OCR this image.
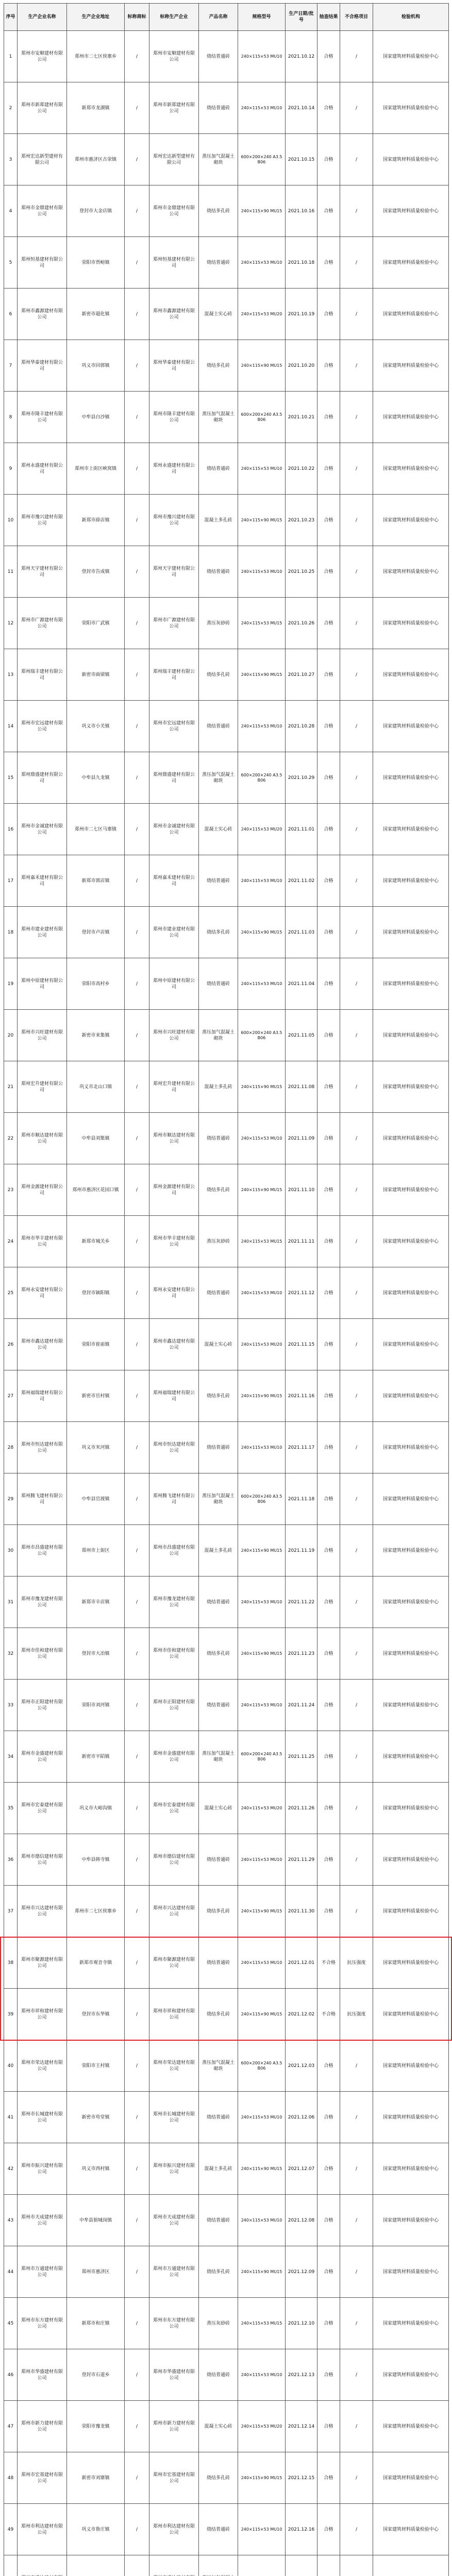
序号	生产企业名称	生产企业地址	标称商标	标称生产企业	产品名称	规格型号	生产日期/批号	抽查结果	不合格项目	检验机构
1	郑州市安顺建材有限公司	郑州市二七区侯寨乡	/	郑州市安顺建材有限公司	烧结普通砖	240×115×53 MU10	2021.10.12	合格	/	国家建筑材料质量检验中心
2	郑州市新郑建材有限公司	新郑市龙湖镇	/	郑州市新郑建材有限公司	烧结普通砖	240×115×53 MU10	2021.10.14	合格	/	国家建筑材料质量检验中心
3	郑州宏达新型建材有限公司	郑州市惠济区古荥镇	/	郑州宏达新型建材有限公司	蒸压加气混凝土砌块	600×200×240 A3.5 B06	2021.10.15	合格	/	国家建筑材料质量检验中心
4	郑州市金鼎建材有限公司	登封市大金店镇	/	郑州市金鼎建材有限公司	烧结多孔砖	240×115×90 MU15	2021.10.16	合格	/	国家建筑材料质量检验中心
5	郑州恒基建材有限公司	荥阳市贾峪镇	/	郑州恒基建材有限公司	烧结普通砖	240×115×53 MU10	2021.10.18	合格	/	国家建筑材料质量检验中心
6	郑州市鑫源建材有限公司	新密市超化镇	/	郑州市鑫源建材有限公司	混凝土实心砖	240×115×53 MU20	2021.10.19	合格	/	国家建筑材料质量检验中心
7	郑州华泰建材有限公司	巩义市回郭镇	/	郑州华泰建材有限公司	烧结多孔砖	240×115×90 MU15	2021.10.20	合格	/	国家建筑材料质量检验中心
8	郑州市隆丰建材有限公司	中牟县白沙镇	/	郑州市隆丰建材有限公司	蒸压加气混凝土砌块	600×200×240 A3.5 B06	2021.10.21	合格	/	国家建筑材料质量检验中心
9	郑州永盛建材有限公司	郑州市上街区峡窝镇	/	郑州永盛建材有限公司	烧结普通砖	240×115×53 MU10	2021.10.22	合格	/	国家建筑材料质量检验中心
10	郑州市豫兴建材有限公司	新郑市薛店镇	/	郑州市豫兴建材有限公司	混凝土多孔砖	240×115×90 MU15	2021.10.23	合格	/	国家建筑材料质量检验中心
11	郑州天宇建材有限公司	登封市告成镇	/	郑州天宇建材有限公司	烧结普通砖	240×115×53 MU10	2021.10.25	合格	/	国家建筑材料质量检验中心
12	郑州市广源建材有限公司	荥阳市广武镇	/	郑州市广源建材有限公司	蒸压灰砂砖	240×115×53 MU15	2021.10.26	合格	/	国家建筑材料质量检验中心
13	郑州瑞丰建材有限公司	新密市曲梁镇	/	郑州瑞丰建材有限公司	烧结多孔砖	240×115×90 MU15	2021.10.27	合格	/	国家建筑材料质量检验中心
14	郑州市宏远建材有限公司	巩义市小关镇	/	郑州市宏远建材有限公司	烧结普通砖	240×115×53 MU10	2021.10.28	合格	/	国家建筑材料质量检验中心
15	郑州鼎盛建材有限公司	中牟县九龙镇	/	郑州鼎盛建材有限公司	蒸压加气混凝土砌块	600×200×240 A3.5 B06	2021.10.29	合格	/	国家建筑材料质量检验中心
16	郑州市金诚建材有限公司	郑州市二七区马寨镇	/	郑州市金诚建材有限公司	混凝土实心砖	240×115×53 MU20	2021.11.01	合格	/	国家建筑材料质量检验中心
17	郑州嘉禾建材有限公司	新郑市郭店镇	/	郑州嘉禾建材有限公司	烧结普通砖	240×115×53 MU10	2021.11.02	合格	/	国家建筑材料质量检验中心
18	郑州市建业建材有限公司	登封市卢店镇	/	郑州市建业建材有限公司	烧结多孔砖	240×115×90 MU15	2021.11.03	合格	/	国家建筑材料质量检验中心
19	郑州中原建材有限公司	荥阳市高村乡	/	郑州中原建材有限公司	烧结普通砖	240×115×53 MU10	2021.11.04	合格	/	国家建筑材料质量检验中心
20	郑州市兴旺建材有限公司	新密市来集镇	/	郑州市兴旺建材有限公司	蒸压加气混凝土砌块	600×200×240 A3.5 B06	2021.11.05	合格	/	国家建筑材料质量检验中心
21	郑州宏升建材有限公司	巩义市北山口镇	/	郑州宏升建材有限公司	混凝土多孔砖	240×115×90 MU15	2021.11.08	合格	/	国家建筑材料质量检验中心
22	郑州市顺达建材有限公司	中牟县刘集镇	/	郑州市顺达建材有限公司	烧结普通砖	240×115×53 MU10	2021.11.09	合格	/	国家建筑材料质量检验中心
23	郑州金源建材有限公司	郑州市惠济区花园口镇	/	郑州金源建材有限公司	烧结多孔砖	240×115×90 MU15	2021.11.10	合格	/	国家建筑材料质量检验中心
24	郑州市华丰建材有限公司	新郑市城关乡	/	郑州市华丰建材有限公司	蒸压灰砂砖	240×115×53 MU15	2021.11.11	合格	/	国家建筑材料质量检验中心
25	郑州永安建材有限公司	登封市颍阳镇	/	郑州永安建材有限公司	烧结普通砖	240×115×53 MU10	2021.11.12	合格	/	国家建筑材料质量检验中心
26	郑州市鑫达建材有限公司	荥阳市崔庙镇	/	郑州市鑫达建材有限公司	混凝土实心砖	240×115×53 MU20	2021.11.15	合格	/	国家建筑材料质量检验中心
27	郑州福瑞建材有限公司	新密市岳村镇	/	郑州福瑞建材有限公司	烧结多孔砖	240×115×90 MU15	2021.11.16	合格	/	国家建筑材料质量检验中心
28	郑州市恒达建材有限公司	巩义市米河镇	/	郑州市恒达建材有限公司	烧结普通砖	240×115×53 MU10	2021.11.17	合格	/	国家建筑材料质量检验中心
29	郑州腾飞建材有限公司	中牟县官渡镇	/	郑州腾飞建材有限公司	蒸压加气混凝土砌块	600×200×240 A3.5 B06	2021.11.18	合格	/	国家建筑材料质量检验中心
30	郑州市昌盛建材有限公司	郑州市上街区	/	郑州市昌盛建材有限公司	混凝土多孔砖	240×115×90 MU15	2021.11.19	合格	/	国家建筑材料质量检验中心
31	郑州市豫龙建材有限公司	新郑市辛店镇	/	郑州市豫龙建材有限公司	烧结普通砖	240×115×53 MU10	2021.11.22	合格	/	国家建筑材料质量检验中心
32	郑州市佳和建材有限公司	登封市大冶镇	/	郑州市佳和建材有限公司	烧结多孔砖	240×115×90 MU15	2021.11.23	合格	/	国家建筑材料质量检验中心
33	郑州市正阳建材有限公司	荥阳市刘河镇	/	郑州市正阳建材有限公司	烧结普通砖	240×115×53 MU10	2021.11.24	合格	/	国家建筑材料质量检验中心
34	郑州市金盛建材有限公司	新密市平陌镇	/	郑州市金盛建材有限公司	蒸压加气混凝土砌块	600×200×240 A3.5 B06	2021.11.25	合格	/	国家建筑材料质量检验中心
35	郑州市宏泰建材有限公司	巩义市大峪沟镇	/	郑州市宏泰建材有限公司	混凝土实心砖	240×115×53 MU20	2021.11.26	合格	/	国家建筑材料质量检验中心
36	郑州市德信建材有限公司	中牟县韩寺镇	/	郑州市德信建材有限公司	烧结普通砖	240×115×53 MU10	2021.11.29	合格	/	国家建筑材料质量检验中心
37	郑州市兴达建材有限公司	郑州市二七区侯寨乡	/	郑州市兴达建材有限公司	烧结多孔砖	240×115×90 MU15	2021.11.30	合格	/	国家建筑材料质量检验中心
38	郑州市聚源建材有限公司	新郑市观音寺镇	/	郑州市聚源建材有限公司	烧结普通砖	240×115×53 MU10	2021.12.01	不合格	抗压强度	国家建筑材料质量检验中心
39	郑州市祥和建材有限公司	登封市东华镇	/	郑州市祥和建材有限公司	烧结多孔砖	240×115×90 MU15	2021.12.02	不合格	抗压强度	国家建筑材料质量检验中心
40	郑州市荣达建材有限公司	荥阳市王村镇	/	郑州市荣达建材有限公司	蒸压加气混凝土砌块	600×200×240 A3.5 B06	2021.12.03	合格	/	国家建筑材料质量检验中心
41	郑州市长城建材有限公司	新密市苟堂镇	/	郑州市长城建材有限公司	烧结普通砖	240×115×53 MU10	2021.12.06	合格	/	国家建筑材料质量检验中心
42	郑州市振兴建材有限公司	巩义市西村镇	/	郑州市振兴建材有限公司	混凝土多孔砖	240×115×90 MU15	2021.12.07	合格	/	国家建筑材料质量检验中心
43	郑州市天成建材有限公司	中牟县狼城岗镇	/	郑州市天成建材有限公司	烧结普通砖	240×115×53 MU10	2021.12.08	合格	/	国家建筑材料质量检验中心
44	郑州市万通建材有限公司	郑州市惠济区	/	郑州市万通建材有限公司	烧结多孔砖	240×115×90 MU15	2021.12.09	合格	/	国家建筑材料质量检验中心
45	郑州市东方建材有限公司	新郑市和庄镇	/	郑州市东方建材有限公司	蒸压灰砂砖	240×115×53 MU15	2021.12.10	合格	/	国家建筑材料质量检验中心
46	郑州市华盛建材有限公司	登封市石道乡	/	郑州市华盛建材有限公司	烧结普通砖	240×115×53 MU10	2021.12.13	合格	/	国家建筑材料质量检验中心
47	郑州市新力建材有限公司	荥阳市豫龙镇	/	郑州市新力建材有限公司	混凝土实心砖	240×115×53 MU20	2021.12.14	合格	/	国家建筑材料质量检验中心
48	郑州市宏基建材有限公司	新密市刘寨镇	/	郑州市宏基建材有限公司	烧结多孔砖	240×115×90 MU15	2021.12.15	合格	/	国家建筑材料质量检验中心
49	郑州市利达建材有限公司	巩义市鲁庄镇	/	郑州市利达建材有限公司	烧结普通砖	240×115×53 MU10	2021.12.16	合格	/	国家建筑材料质量检验中心
